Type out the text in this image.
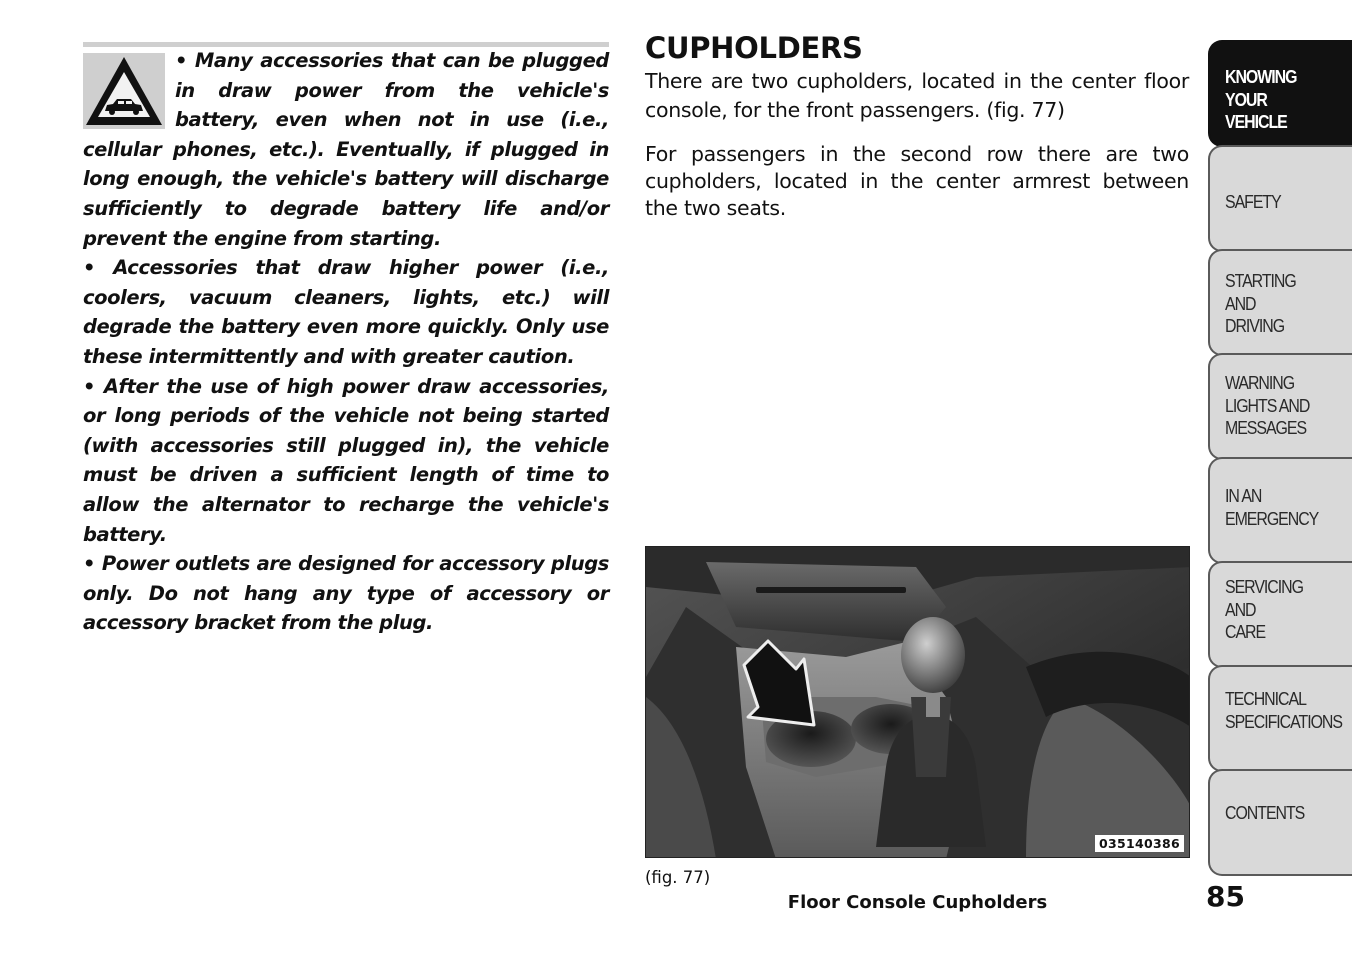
• Many accessories that can be plugged in draw power from the vehicle's battery, even when not in use (i.e., cellular phones, etc.). Eventually, if plugged in long enough, the vehicle's battery will discharge sufficiently to degrade battery life and/or prevent the engine from starting.

• Accessories that draw higher power (i.e., coolers, vacuum cleaners, lights, etc.) will degrade the battery even more quickly. Only use these intermittently and with greater caution.

• After the use of high power draw accessories, or long periods of the vehicle not being started (with accessories still plugged in), the vehicle must be driven a sufficient length of time to allow the alternator to recharge the vehicle's battery.

• Power outlets are designed for accessory plugs only. Do not hang any type of accessory or accessory bracket from the plug.

CUPHOLDERS

There are two cupholders, located in the center floor console, for the front passengers. (fig. 77)

For passengers in the second row there are two cupholders, located in the center armrest between the two seats.

035140386
(fig. 77)
Floor Console Cupholders	85
KNOWING
YOUR
VEHICLE
SAFETY
STARTING
AND
DRIVING
WARNING
LIGHTS AND
MESSAGES
IN AN
EMERGENCY
SERVICING
AND
CARE
TECHNICAL
SPECIFICATIONS
CONTENTS
